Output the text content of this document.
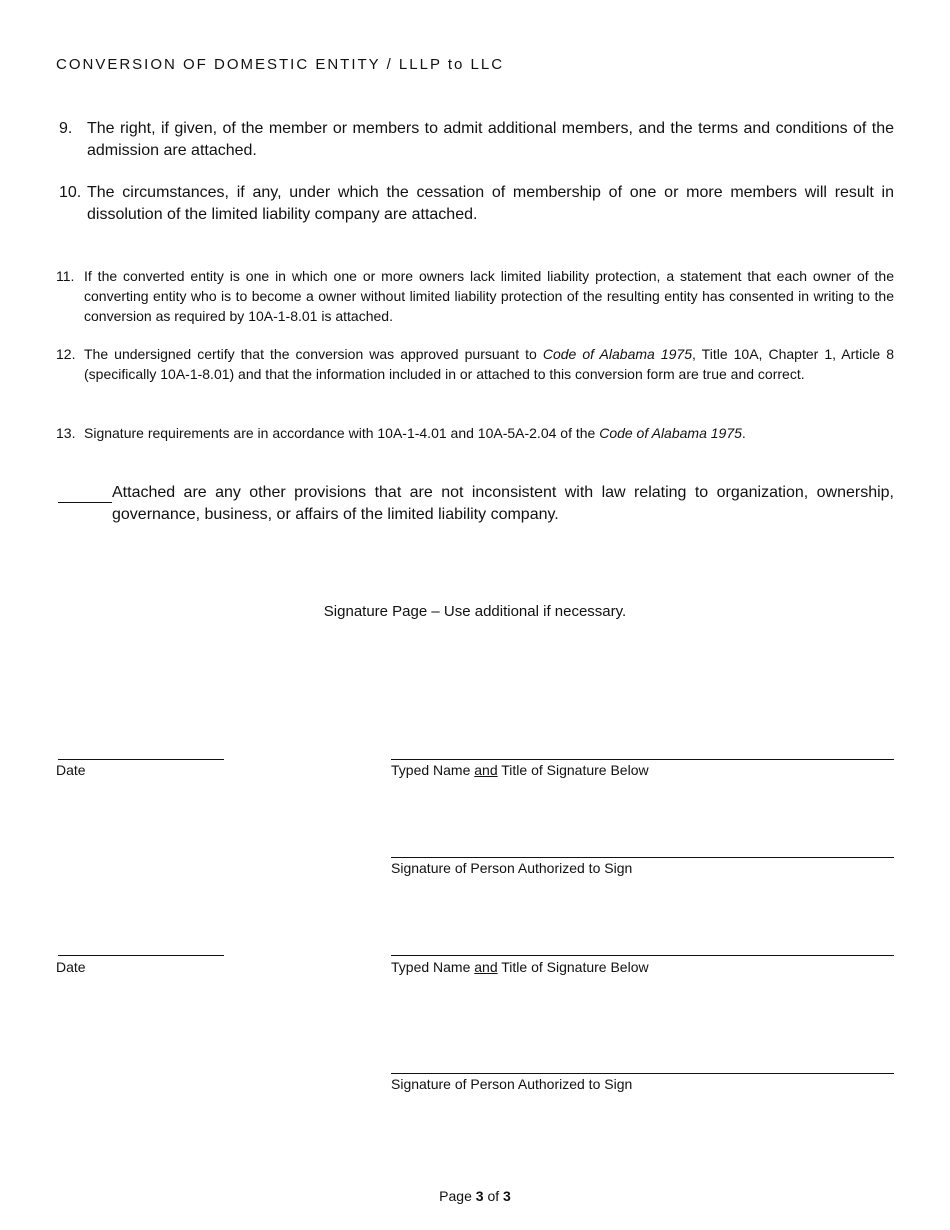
CONVERSION OF DOMESTIC ENTITY / LLLP to LLC
9. The right, if given, of the member or members to admit additional members, and the terms and conditions of the admission are attached.
10. The circumstances, if any, under which the cessation of membership of one or more members will result in dissolution of the limited liability company are attached.
11. If the converted entity is one in which one or more owners lack limited liability protection, a statement that each owner of the converting entity who is to become a owner without limited liability protection of the resulting entity has consented in writing to the conversion as required by 10A-1-8.01 is attached.
12. The undersigned certify that the conversion was approved pursuant to Code of Alabama 1975, Title 10A, Chapter 1, Article 8 (specifically 10A-1-8.01) and that the information included in or attached to this conversion form are true and correct.
13. Signature requirements are in accordance with 10A-1-4.01 and 10A-5A-2.04 of the Code of Alabama 1975.
Attached are any other provisions that are not inconsistent with law relating to organization, ownership, governance, business, or affairs of the limited liability company.
Signature Page – Use additional if necessary.
Date	Typed Name and Title of Signature Below
Signature of Person Authorized to Sign
Date	Typed Name and Title of Signature Below
Signature of Person Authorized to Sign
Page 3 of 3
